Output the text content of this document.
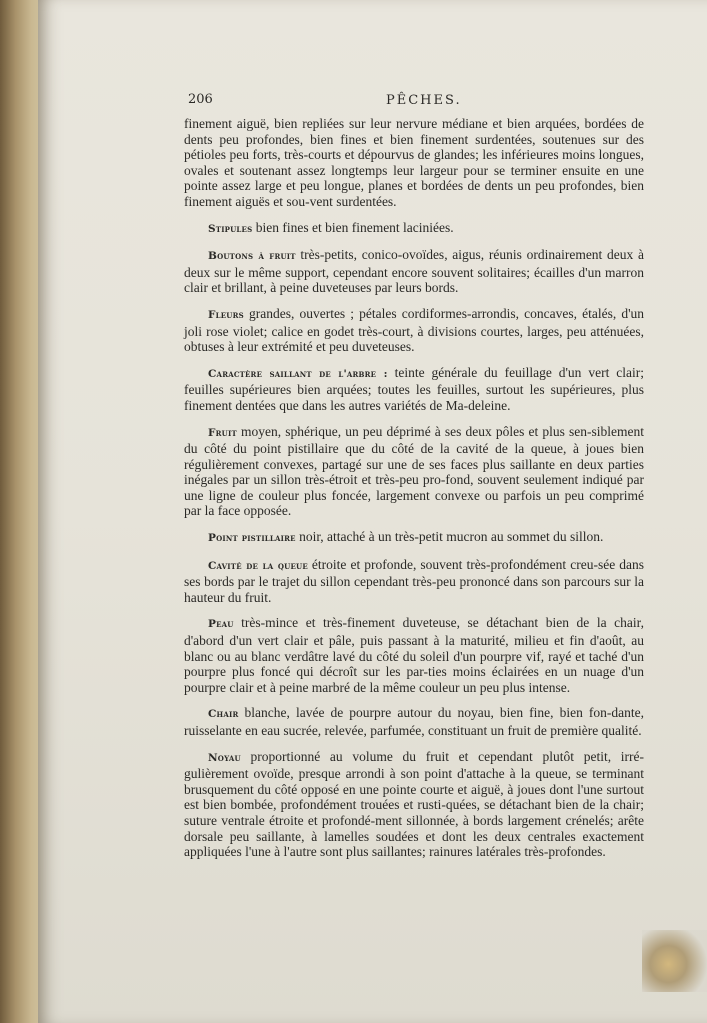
206	PÊCHES.

finement aiguë, bien repliées sur leur nervure médiane et bien arquées, bordées de dents peu profondes, bien fines et bien finement surdentées, soutenues sur des pétioles peu forts, très-courts et dépourvus de glandes; les inférieures moins longues, ovales et soutenant assez longtemps leur largeur pour se terminer ensuite en une pointe assez large et peu longue, planes et bordées de dents un peu profondes, bien finement aiguës et sou-vent surdentées.

Stipules bien fines et bien finement laciniées.

Boutons à fruit très-petits, conico-ovoïdes, aigus, réunis ordinairement deux à deux sur le même support, cependant encore souvent solitaires; écailles d'un marron clair et brillant, à peine duveteuses par leurs bords.

Fleurs grandes, ouvertes ; pétales cordiformes-arrondis, concaves, étalés, d'un joli rose violet; calice en godet très-court, à divisions courtes, larges, peu atténuées, obtuses à leur extrémité et peu duveteuses.

Caractère saillant de l'arbre : teinte générale du feuillage d'un vert clair; feuilles supérieures bien arquées; toutes les feuilles, surtout les supérieures, plus finement dentées que dans les autres variétés de Ma-deleine.

Fruit moyen, sphérique, un peu déprimé à ses deux pôles et plus sen-siblement du côté du point pistillaire que du côté de la cavité de la queue, à joues bien régulièrement convexes, partagé sur une de ses faces plus saillante en deux parties inégales par un sillon très-étroit et très-peu pro-fond, souvent seulement indiqué par une ligne de couleur plus foncée, largement convexe ou parfois un peu comprimé par la face opposée.

Point pistillaire noir, attaché à un très-petit mucron au sommet du sillon.

Cavité de la queue étroite et profonde, souvent très-profondément creu-sée dans ses bords par le trajet du sillon cependant très-peu prononcé dans son parcours sur la hauteur du fruit.

Peau très-mince et très-finement duveteuse, se détachant bien de la chair, d'abord d'un vert clair et pâle, puis passant à la maturité, milieu et fin d'août, au blanc ou au blanc verdâtre lavé du côté du soleil d'un pourpre vif, rayé et taché d'un pourpre plus foncé qui décroît sur les par-ties moins éclairées en un nuage d'un pourpre clair et à peine marbré de la même couleur un peu plus intense.

Chair blanche, lavée de pourpre autour du noyau, bien fine, bien fon-dante, ruisselante en eau sucrée, relevée, parfumée, constituant un fruit de première qualité.

Noyau proportionné au volume du fruit et cependant plutôt petit, irré-gulièrement ovoïde, presque arrondi à son point d'attache à la queue, se terminant brusquement du côté opposé en une pointe courte et aiguë, à joues dont l'une surtout est bien bombée, profondément trouées et rusti-quées, se détachant bien de la chair; suture ventrale étroite et profondé-ment sillonnée, à bords largement crénelés; arête dorsale peu saillante, à lamelles soudées et dont les deux centrales exactement appliquées l'une à l'autre sont plus saillantes; rainures latérales très-profondes.
